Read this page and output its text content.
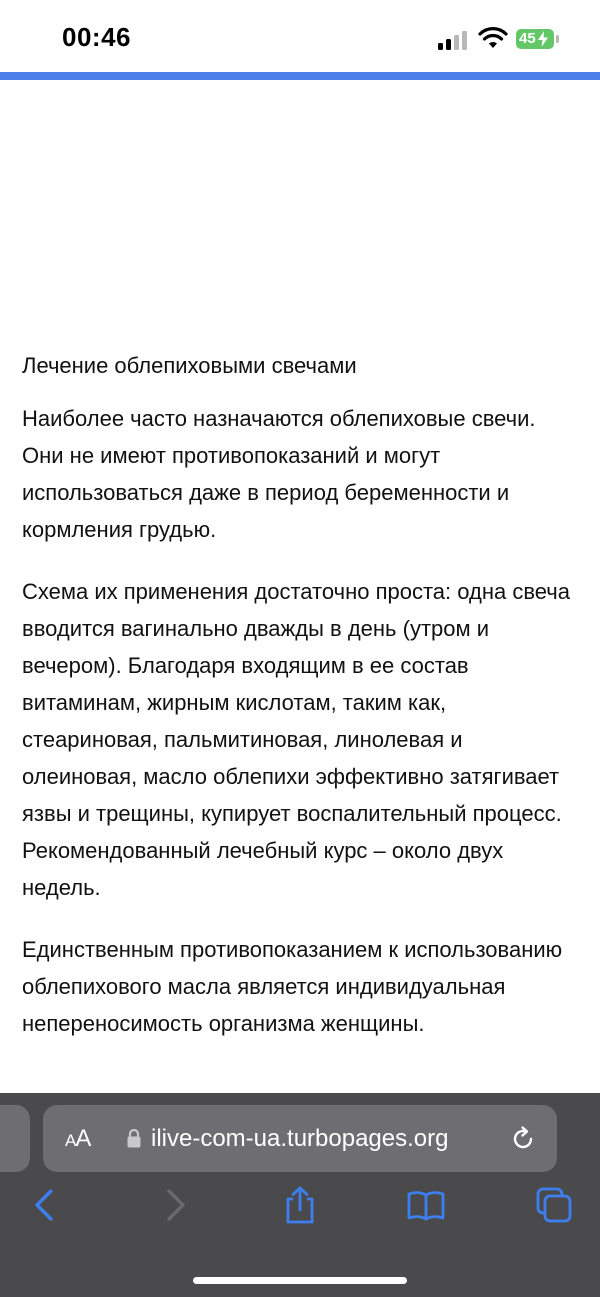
00:46	45
Лечение облепиховыми свечами

Наиболее часто назначаются облепиховые свечи. Они не имеют противопоказаний и могут использоваться даже в период беременности и кормления грудью.

Схема их применения достаточно проста: одна свеча вводится вагинально дважды в день (утром и вечером). Благодаря входящим в ее состав витаминам, жирным кислотам, таким как, стеариновая, пальмитиновая, линолевая и олеиновая, масло облепихи эффективно затягивает язвы и трещины, купирует воспалительный процесс. Рекомендованный лечебный курс – около двух недель.

Единственным противопоказанием к использованию облепихового масла является индивидуальная непереносимость организма женщины.

AA	ilive-com-ua.turbopages.org
